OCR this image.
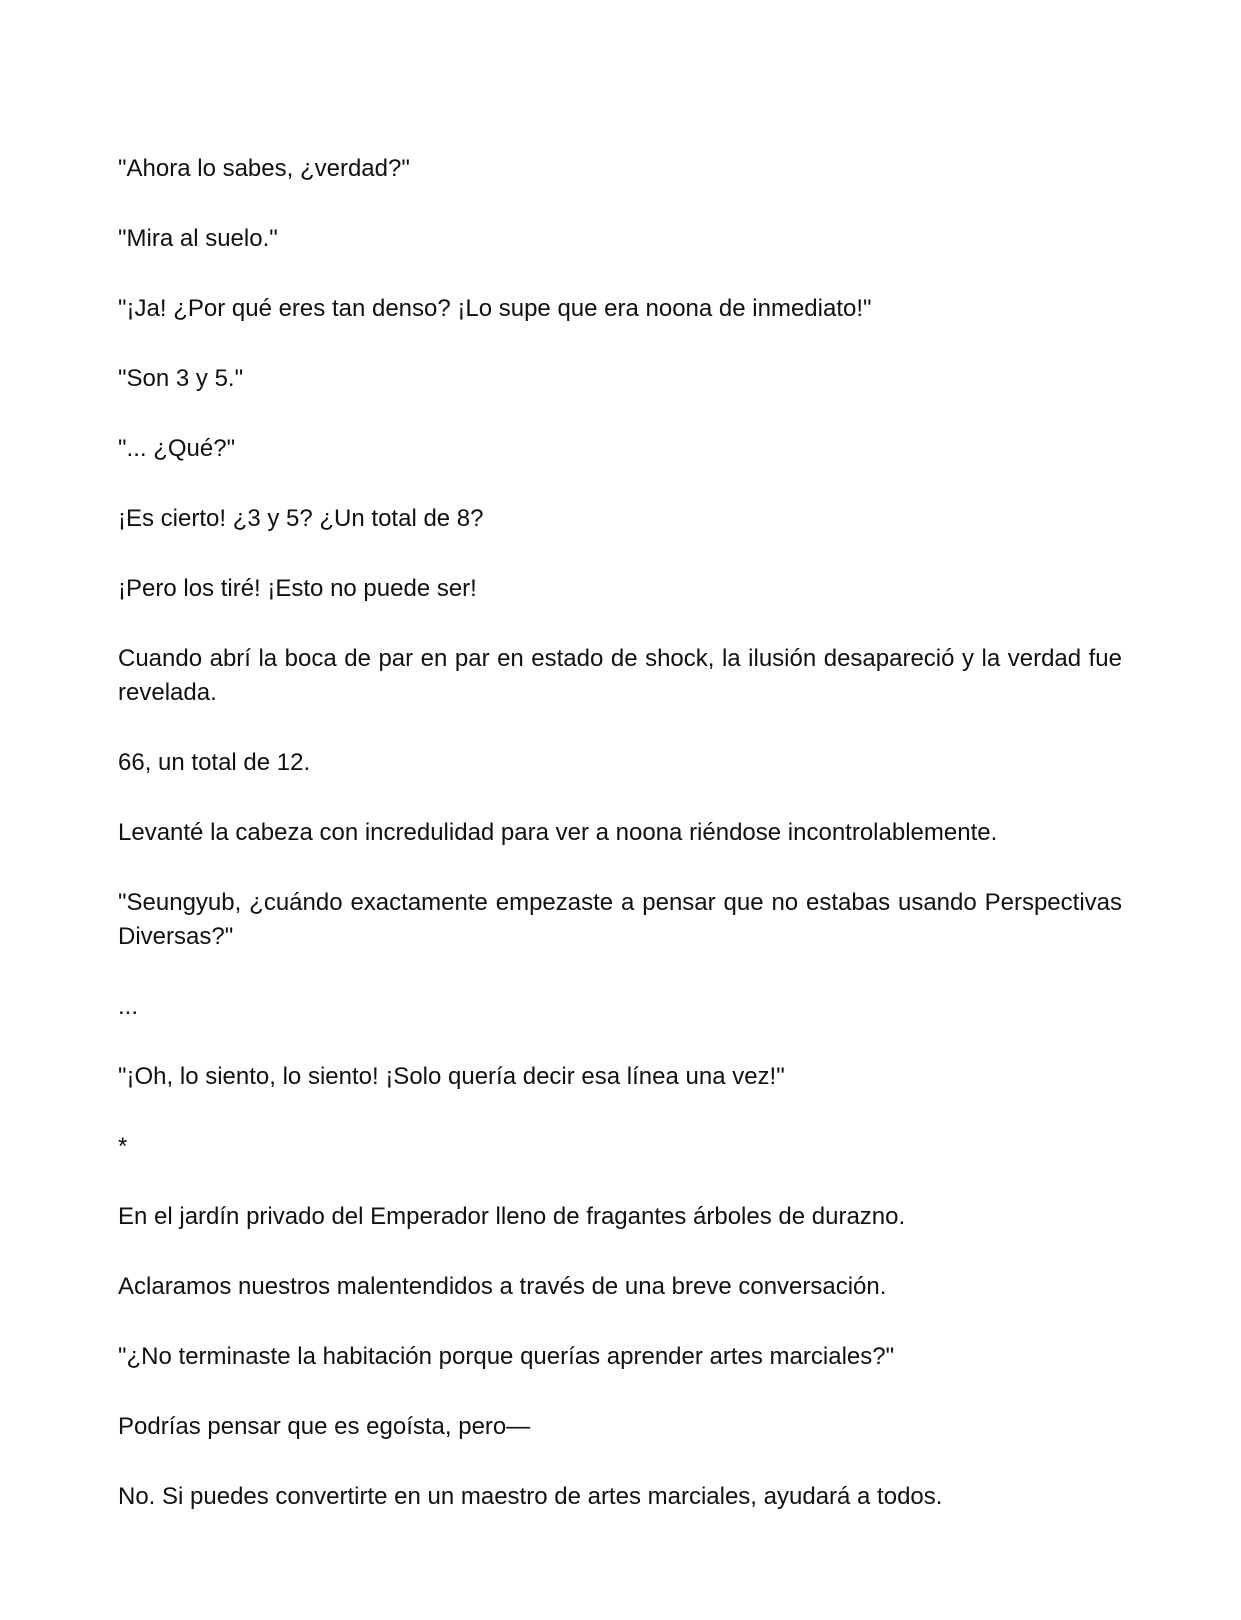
"Ahora lo sabes, ¿verdad?"

"Mira al suelo."

"¡Ja! ¿Por qué eres tan denso? ¡Lo supe que era noona de inmediato!"

"Son 3 y 5."

"... ¿Qué?"

¡Es cierto! ¿3 y 5? ¿Un total de 8?

¡Pero los tiré! ¡Esto no puede ser!

Cuando abrí la boca de par en par en estado de shock, la ilusión desapareció y la verdad fue revelada.

66, un total de 12.

Levanté la cabeza con incredulidad para ver a noona riéndose incontrolablemente.

"Seungyub, ¿cuándo exactamente empezaste a pensar que no estabas usando Perspectivas Diversas?"

...

"¡Oh, lo siento, lo siento! ¡Solo quería decir esa línea una vez!"

*

En el jardín privado del Emperador lleno de fragantes árboles de durazno.

Aclaramos nuestros malentendidos a través de una breve conversación.

"¿No terminaste la habitación porque querías aprender artes marciales?"

Podrías pensar que es egoísta, pero—

No. Si puedes convertirte en un maestro de artes marciales, ayudará a todos.
